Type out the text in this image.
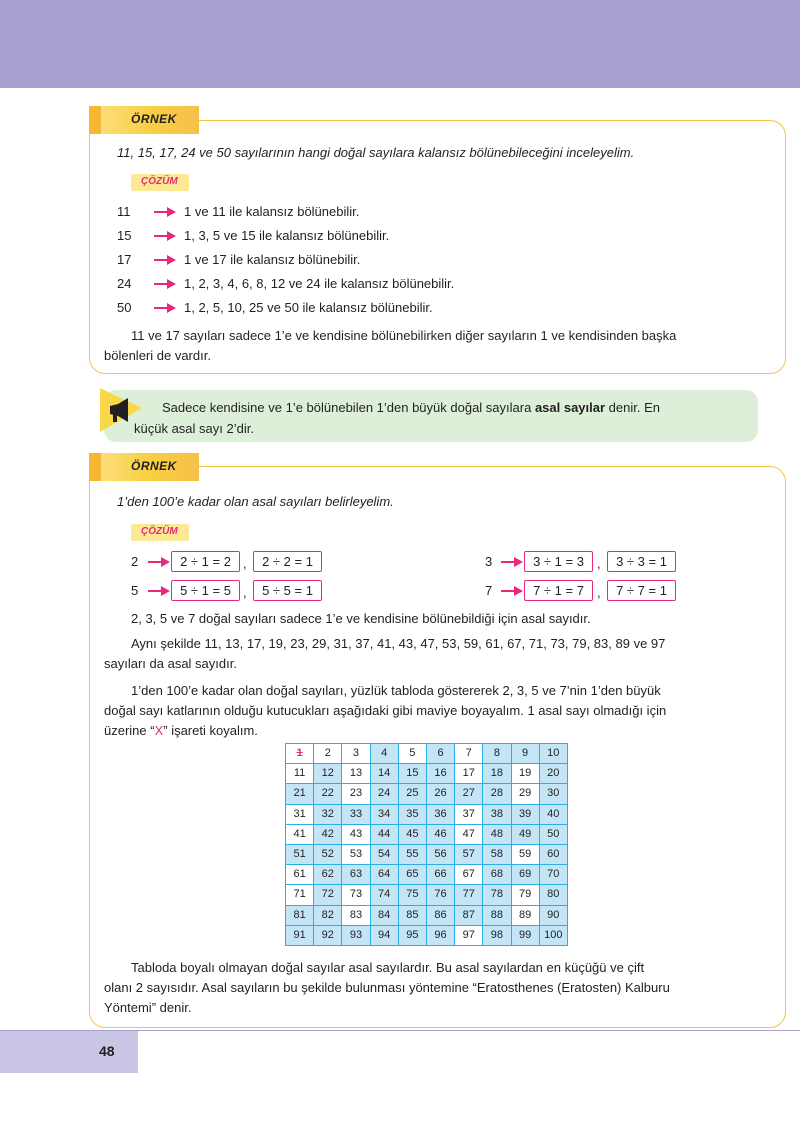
ÖRNEK
11, 15, 17, 24 ve 50 sayılarının hangi doğal sayılara kalansız bölünebileceğini inceleyelim.
ÇÖZÜM
11	1 ve 11 ile kalansız bölünebilir.
15	1, 3, 5 ve 15 ile kalansız bölünebilir.
17	1 ve 17 ile kalansız bölünebilir.
24	1, 2, 3, 4, 6, 8, 12 ve 24 ile kalansız bölünebilir.
50	1, 2, 5, 10, 25 ve 50 ile kalansız bölünebilir.
11 ve 17 sayıları sadece 1’e ve kendisine bölünebilirken diğer sayıların 1 ve kendisinden başka
bölenleri de vardır.
Sadece kendisine ve 1’e bölünebilen 1’den büyük doğal sayılara asal sayılar denir. En
küçük asal sayı 2’dir.
ÖRNEK
1’den 100’e kadar olan asal sayıları belirleyelim.
ÇÖZÜM
2	2 ÷ 1 = 2 ,	2 ÷ 2 = 1	3	3 ÷ 1 = 3	,	3 ÷ 3 = 1
5	5 ÷ 1 = 5 ,	5 ÷ 5 = 1	7	7 ÷ 1 = 7	,	7 ÷ 7 = 1
2, 3, 5 ve 7 doğal sayıları sadece 1’e ve kendisine bölünebildiği için asal sayıdır.
Aynı şekilde 11, 13, 17, 19, 23, 29, 31, 37, 41, 43, 47, 53, 59, 61, 67, 71, 73, 79, 83, 89 ve 97
sayıları da asal sayıdır.
1’den 100’e kadar olan doğal sayıları, yüzlük tabloda göstererek 2, 3, 5 ve 7’nin 1’den büyük
doğal sayı katlarının olduğu kutucukları aşağıdaki gibi maviye boyayalım. 1 asal sayı olmadığı için
üzerine “X” işareti koyalım.
1	2	3	4	5	6	7	8	9	10
11	12	13	14	15	16	17	18	19	20
21	22	23	24	25	26	27	28	29	30
31	32	33	34	35	36	37	38	39	40
41	42	43	44	45	46	47	48	49	50
51	52	53	54	55	56	57	58	59	60
61	62	63	64	65	66	67	68	69	70
71	72	73	74	75	76	77	78	79	80
81	82	83	84	85	86	87	88	89	90
91	92	93	94	95	96	97	98	99	100
Tabloda boyalı olmayan doğal sayılar asal sayılardır. Bu asal sayılardan en küçüğü ve çift
olanı 2 sayısıdır. Asal sayıların bu şekilde bulunması yöntemine “Eratosthenes (Eratosten) Kalburu
Yöntemi” denir.
48
